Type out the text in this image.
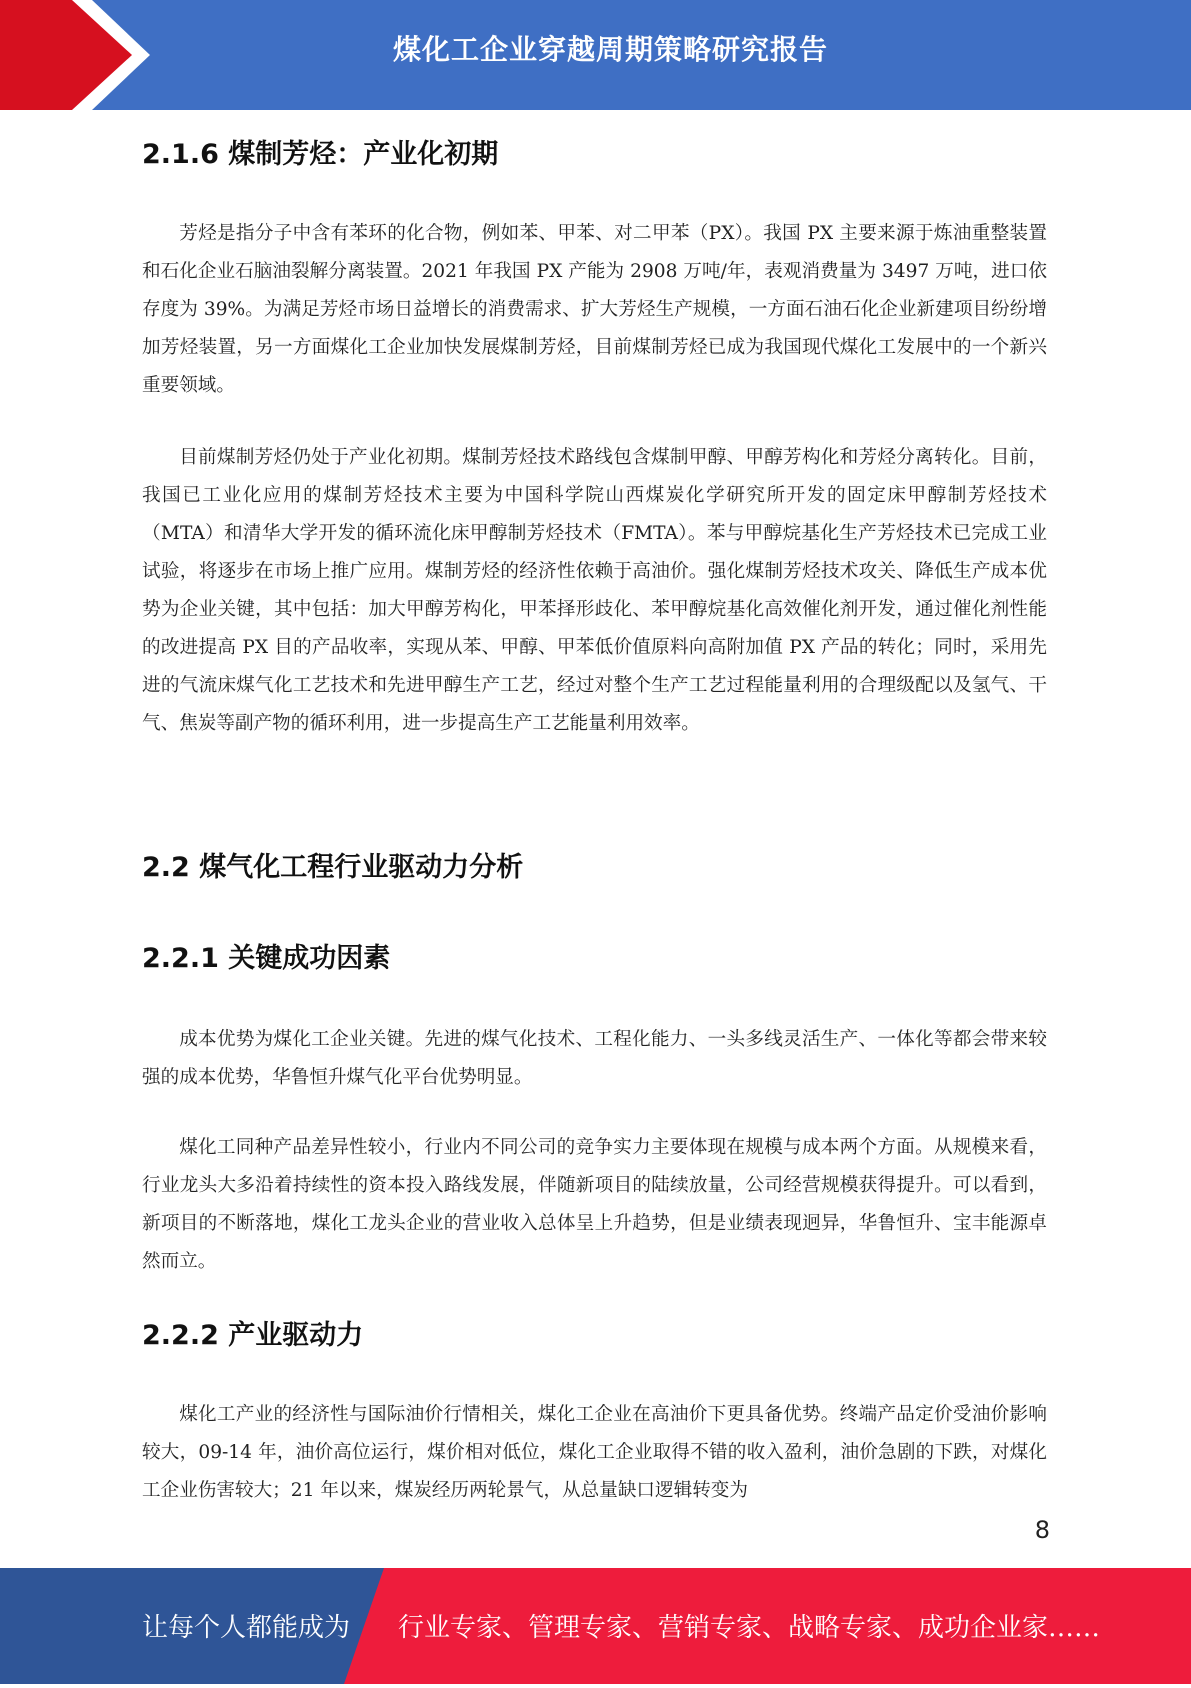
煤化工企业穿越周期策略研究报告
2.1.6 煤制芳烃：产业化初期

芳烃是指分子中含有苯环的化合物，例如苯、甲苯、对二甲苯（PX）。我国 PX 主要来源于炼油重整装置和石化企业石脑油裂解分离装置。2021 年我国 PX 产能为 2908 万吨/年，表观消费量为 3497 万吨，进口依存度为 39%。为满足芳烃市场日益增长的消费需求、扩大芳烃生产规模，一方面石油石化企业新建项目纷纷增加芳烃装置，另一方面煤化工企业加快发展煤制芳烃，目前煤制芳烃已成为我国现代煤化工发展中的一个新兴重要领域。

目前煤制芳烃仍处于产业化初期。煤制芳烃技术路线包含煤制甲醇、甲醇芳构化和芳烃分离转化。目前，我国已工业化应用的煤制芳烃技术主要为中国科学院山西煤炭化学研究所开发的固定床甲醇制芳烃技术（MTA）和清华大学开发的循环流化床甲醇制芳烃技术（FMTA）。苯与甲醇烷基化生产芳烃技术已完成工业试验，将逐步在市场上推广应用。煤制芳烃的经济性依赖于高油价。强化煤制芳烃技术攻关、降低生产成本优势为企业关键，其中包括：加大甲醇芳构化，甲苯择形歧化、苯甲醇烷基化高效催化剂开发，通过催化剂性能的改进提高 PX 目的产品收率，实现从苯、甲醇、甲苯低价值原料向高附加值 PX 产品的转化；同时，采用先进的气流床煤气化工艺技术和先进甲醇生产工艺，经过对整个生产工艺过程能量利用的合理级配以及氢气、干气、焦炭等副产物的循环利用，进一步提高生产工艺能量利用效率。

2.2 煤气化工程行业驱动力分析
2.2.1 关键成功因素

成本优势为煤化工企业关键。先进的煤气化技术、工程化能力、一头多线灵活生产、一体化等都会带来较强的成本优势，华鲁恒升煤气化平台优势明显。

煤化工同种产品差异性较小，行业内不同公司的竞争实力主要体现在规模与成本两个方面。从规模来看，行业龙头大多沿着持续性的资本投入路线发展，伴随新项目的陆续放量，公司经营规模获得提升。可以看到，新项目的不断落地，煤化工龙头企业的营业收入总体呈上升趋势，但是业绩表现迥异，华鲁恒升、宝丰能源卓然而立。

2.2.2 产业驱动力

煤化工产业的经济性与国际油价行情相关，煤化工企业在高油价下更具备优势。终端产品定价受油价影响较大，09-14 年，油价高位运行，煤价相对低位，煤化工企业取得不错的收入盈利，油价急剧的下跌，对煤化工企业伤害较大；21 年以来，煤炭经历两轮景气，从总量缺口逻辑转变为

8
让每个人都能成为 行业专家、管理专家、营销专家、战略专家、成功企业家……
